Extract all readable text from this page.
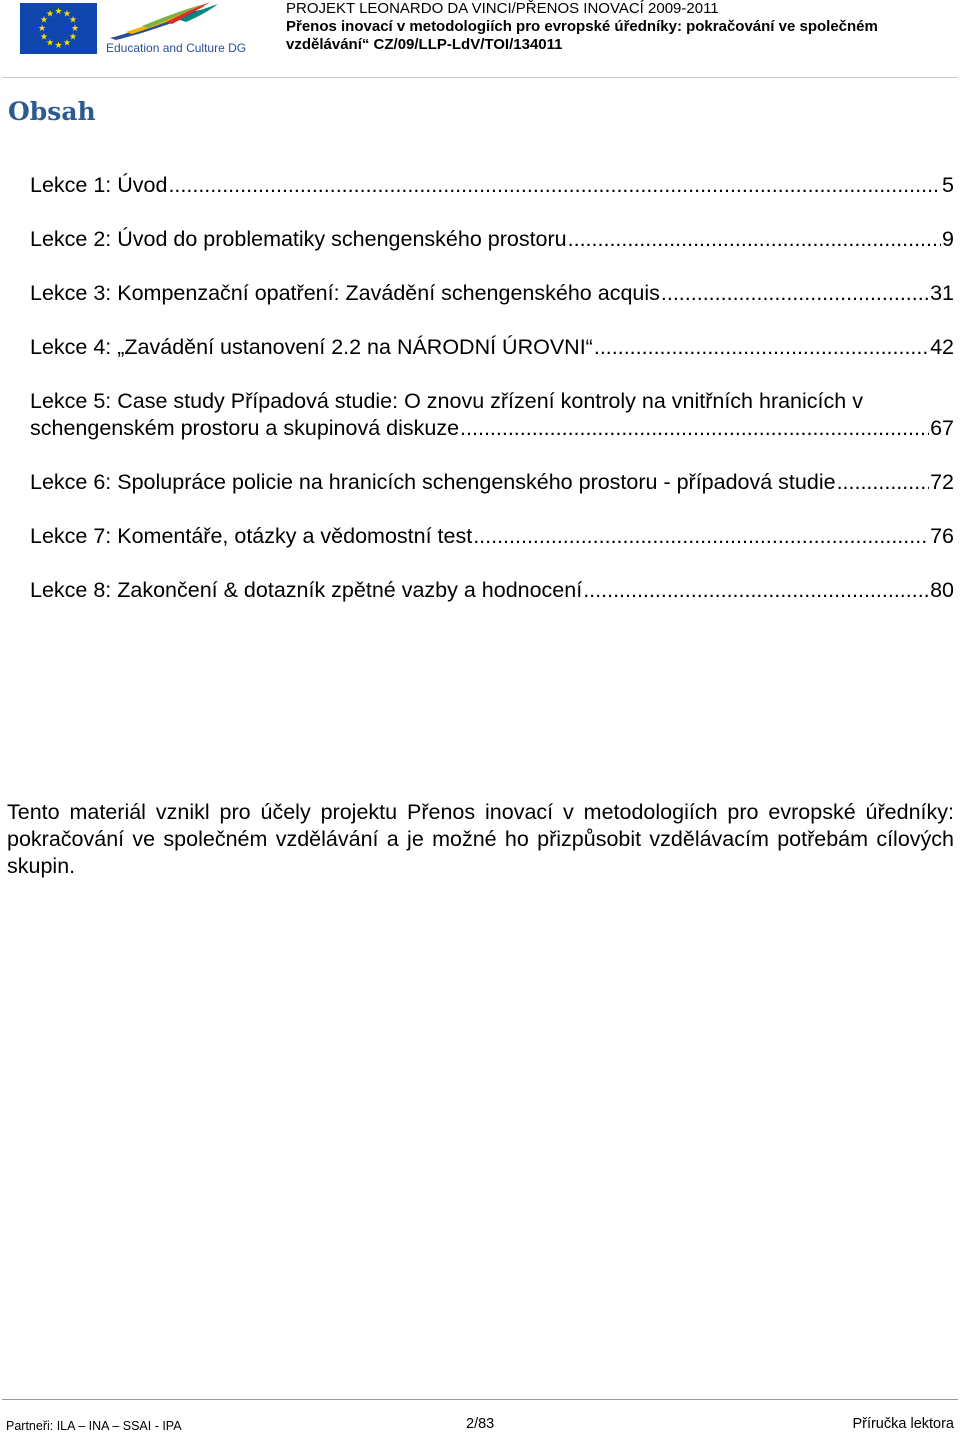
★ ★
★
★
★
★
★
★
★
★
★
★
Education and Culture DG
PROJEKT LEONARDO DA VINCI/PŘENOS INOVACÍ 2009-2011
Přenos inovací v metodologiích pro evropské úředníky: pokračování ve společném
vzdělávání“ CZ/09/LLP-LdV/TOI/134011
Obsah
Lekce 1: Úvod .....	5
Lekce 2: Úvod do problematiky schengenského prostoru .....	9
Lekce 3: Kompenzační opatření: Zavádění schengenského acquis .....	31
Lekce 4: „Zavádění ustanovení 2.2 na NÁRODNÍ ÚROVNI“ .....	42
Lekce 5: Case study Případová studie: O znovu zřízení kontroly na vnitřních hranicích v
schengenském prostoru a skupinová diskuze .....	67
Lekce 6: Spolupráce policie na hranicích schengenského prostoru - případová studie .....	72
Lekce 7: Komentáře, otázky a vědomostní test .....	76
Lekce 8: Zakončení & dotazník zpětné vazby a hodnocení .....	80
Tento materiál vznikl pro účely projektu Přenos inovací v metodologiích pro evropské úředníky: pokračování ve společném vzdělávání a je možné ho přizpůsobit vzdělávacím potřebám cílových skupin.
Partneři: ILA – INA – SSAI - IPA	2/83	Příručka lektora
